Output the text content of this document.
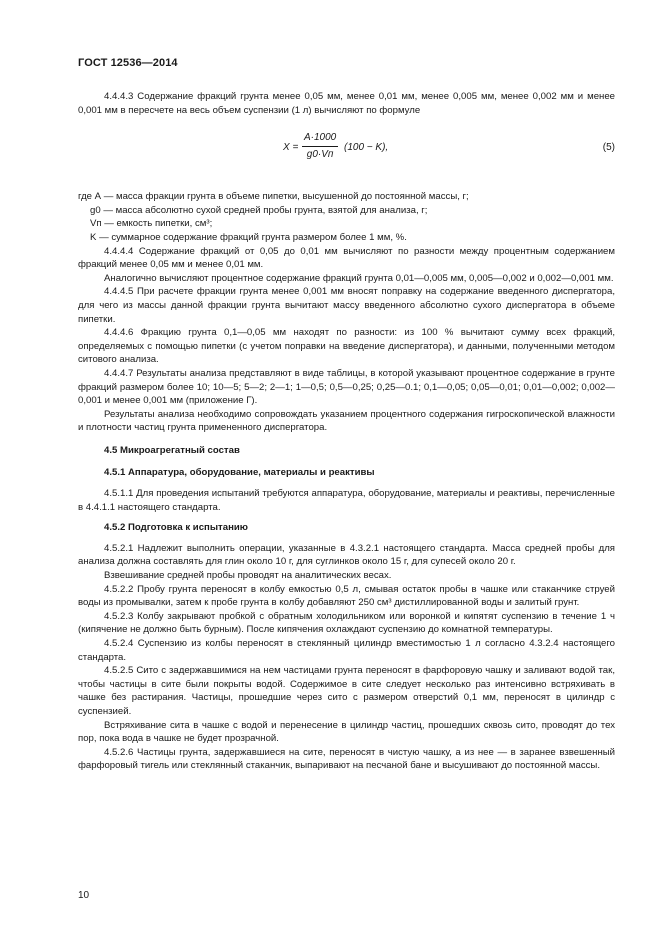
ГОСТ 12536—2014

4.4.4.3 Содержание фракций грунта менее 0,05 мм, менее 0,01 мм, менее 0,005 мм, менее 0,002 мм и менее 0,001 мм в пересчете на весь объем суспензии (1 л) вычисляют по формуле

X =
A·1000
g0·Vп
(100 − K),	(5)

где А — масса фракции грунта в объеме пипетки, высушенной до постоянной массы, г;

g0 — масса абсолютно сухой средней пробы грунта, взятой для анализа, г;

Vп — емкость пипетки, см³;

K — суммарное содержание фракций грунта размером более 1 мм, %.

4.4.4.4 Содержание фракций от 0,05 до 0,01 мм вычисляют по разности между процентным содержанием фракций менее 0,05 мм и менее 0,01 мм.

Аналогично вычисляют процентное содержание фракций грунта 0,01—0,005 мм, 0,005—0,002 и 0,002—0,001 мм.

4.4.4.5 При расчете фракции грунта менее 0,001 мм вносят поправку на содержание введенного диспергатора, для чего из массы данной фракции грунта вычитают массу введенного абсолютно сухого диспергатора в объеме пипетки.

4.4.4.6 Фракцию грунта 0,1—0,05 мм находят по разности: из 100 % вычитают сумму всех фракций, определяемых с помощью пипетки (с учетом поправки на введение диспергатора), и данными, полученными методом ситового анализа.

4.4.4.7 Результаты анализа представляют в виде таблицы, в которой указывают процентное содержание в грунте фракций размером более 10; 10—5; 5—2; 2—1; 1—0,5; 0,5—0,25; 0,25—0.1; 0,1—0,05; 0,05—0,01; 0,01—0,002; 0,002—0,001 и менее 0,001 мм (приложение Г).

Результаты анализа необходимо сопровождать указанием процентного содержания гигроскопической влажности и плотности частиц грунта примененного диспергатора.

4.5 Микроагрегатный состав

4.5.1 Аппаратура, оборудование, материалы и реактивы

4.5.1.1 Для проведения испытаний требуются аппаратура, оборудование, материалы и реактивы, перечисленные в 4.4.1.1 настоящего стандарта.

4.5.2 Подготовка к испытанию

4.5.2.1 Надлежит выполнить операции, указанные в 4.3.2.1 настоящего стандарта. Масса средней пробы для анализа должна составлять для глин около 10 г, для суглинков около 15 г, для супесей около 20 г.

Взвешивание средней пробы проводят на аналитических весах.

4.5.2.2 Пробу грунта переносят в колбу емкостью 0,5 л, смывая остаток пробы в чашке или стаканчике струей воды из промывалки, затем к пробе грунта в колбу добавляют 250 см³ дистиллированной воды и залитый грунт.

4.5.2.3 Колбу закрывают пробкой с обратным холодильником или воронкой и кипятят суспензию в течение 1 ч (кипячение не должно быть бурным). После кипячения охлаждают суспензию до комнатной температуры.

4.5.2.4 Суспензию из колбы переносят в стеклянный цилиндр вместимостью 1 л согласно 4.3.2.4 настоящего стандарта.

4.5.2.5 Сито с задержавшимися на нем частицами грунта переносят в фарфоровую чашку и заливают водой так, чтобы частицы в сите были покрыты водой. Содержимое в сите следует несколько раз интенсивно встряхивать в чашке без растирания. Частицы, прошедшие через сито с размером отверстий 0,1 мм, переносят в цилиндр с суспензией.

Встряхивание сита в чашке с водой и перенесение в цилиндр частиц, прошедших сквозь сито, проводят до тех пор, пока вода в чашке не будет прозрачной.

4.5.2.6 Частицы грунта, задержавшиеся на сите, переносят в чистую чашку, а из нее — в заранее взвешенный фарфоровый тигель или стеклянный стаканчик, выпаривают на песчаной бане и высушивают до постоянной массы.

10
